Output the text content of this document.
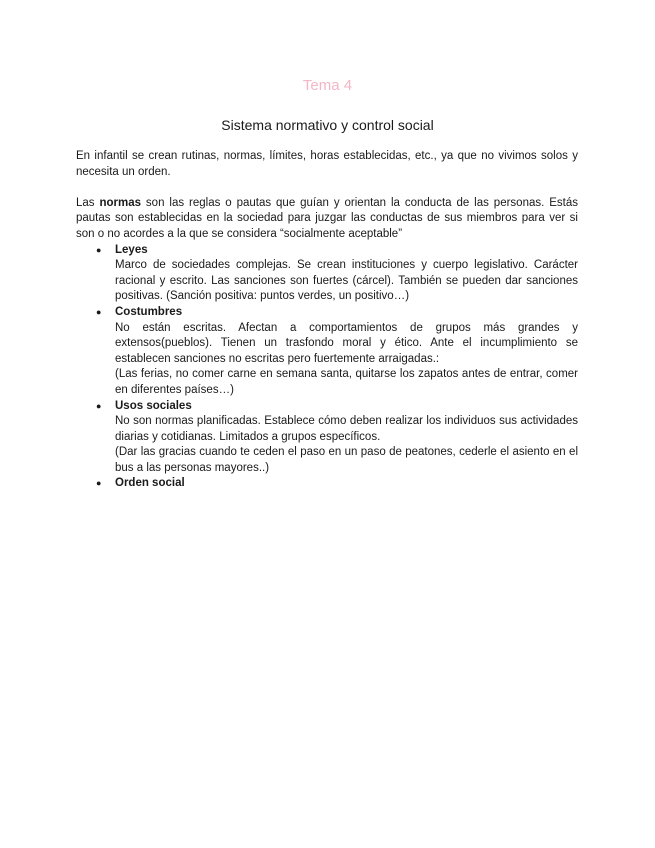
Tema 4
Sistema normativo y control social

En infantil se crean rutinas, normas, límites, horas establecidas, etc., ya que no vivimos solos y necesita un orden.

Las normas son las reglas o pautas que guían y orientan la conducta de las personas. Estás pautas son establecidas en la sociedad para juzgar las conductas de sus miembros para ver si son o no acordes a la que se considera “socialmente aceptable”

●	Leyes
Marco de sociedades complejas. Se crean instituciones y cuerpo legislativo. Carácter racional y escrito. Las sanciones son fuertes (cárcel). También se pueden dar sanciones positivas. (Sanción positiva: puntos verdes, un positivo…)
●	Costumbres
No están escritas. Afectan a comportamientos de grupos más grandes y extensos(pueblos). Tienen un trasfondo moral y ético. Ante el incumplimiento se establecen sanciones no escritas pero fuertemente arraigadas.:
(Las ferias, no comer carne en semana santa, quitarse los zapatos antes de entrar, comer en diferentes países…)
●	Usos sociales
No son normas planificadas. Establece cómo deben realizar los individuos sus actividades diarias y cotidianas. Limitados a grupos específicos.
(Dar las gracias cuando te ceden el paso en un paso de peatones, cederle el asiento en el bus a las personas mayores..)
●	Orden social
